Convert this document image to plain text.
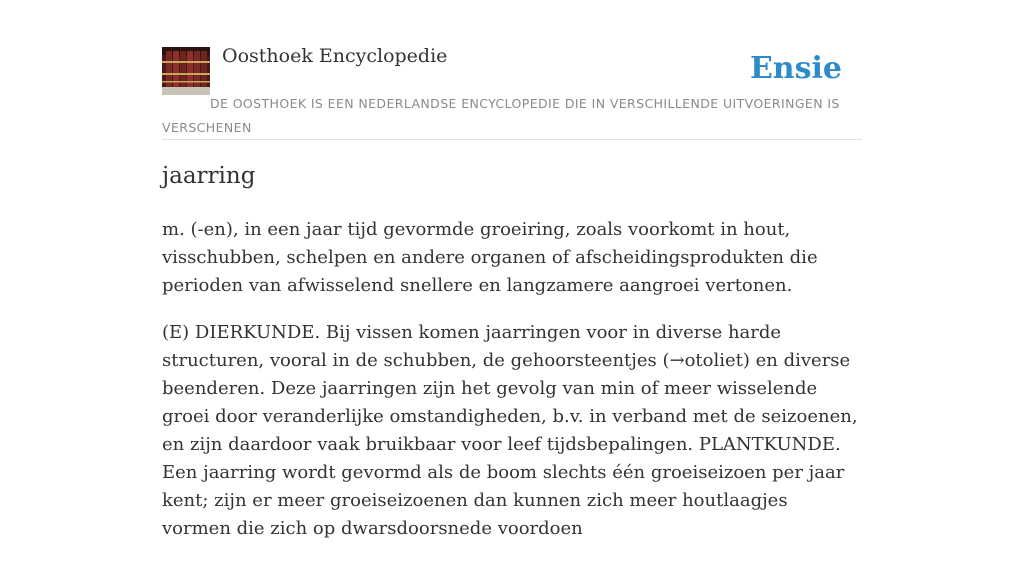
Oosthoek Encyclopedie	Ensie

DE OOSTHOEK IS EEN NEDERLANDSE ENCYCLOPEDIE DIE IN VERSCHILLENDE UITVOERINGEN IS VERSCHENEN

jaarring

m. (-en), in een jaar tijd gevormde groeiring, zoals voorkomt in hout, visschubben, schelpen en andere organen of afscheidingsprodukten die perioden van afwisselend snellere en langzamere aangroei vertonen.

(E) DIERKUNDE. Bij vissen komen jaarringen voor in diverse harde structuren, vooral in de schubben, de gehoorsteentjes (→otoliet) en diverse beenderen. Deze jaarringen zijn het gevolg van min of meer wisselende groei door veranderlijke omstandigheden, b.v. in verband met de seizoenen, en zijn daardoor vaak bruikbaar voor leef tijdsbepalingen. PLANTKUNDE. Een jaarring wordt gevormd als de boom slechts één groeiseizoen per jaar kent; zijn er meer groeiseizoenen dan kunnen zich meer houtlaagjes vormen die zich op dwarsdoorsnede voordoen
